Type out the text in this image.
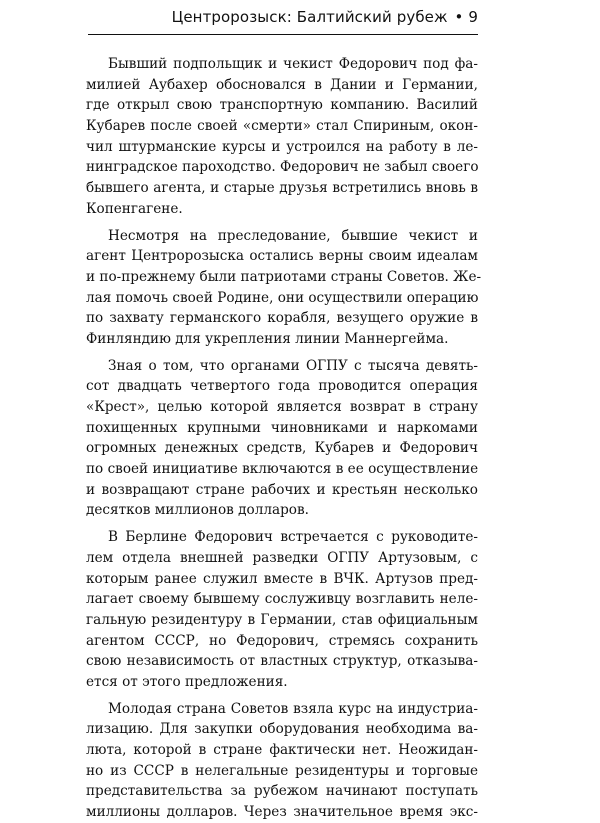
Центророзыск: Балтийский рубеж • 9
Бывший подпольщик и чекист Федорович под фа-
милией Аубахер обосновался в Дании и Германии,
где открыл свою транспортную компанию. Василий
Кубарев после своей «смерти» стал Спириным, окон-
чил штурманские курсы и устроился на работу в ле-
нинградское пароходство. Федорович не забыл своего
бывшего агента, и старые друзья встретились вновь в
Копенгагене.
Несмотря на преследование, бывшие чекист и
агент Центророзыска остались верны своим идеалам
и по-прежнему были патриотами страны Советов. Же-
лая помочь своей Родине, они осуществили операцию
по захвату германского корабля, везущего оружие в
Финляндию для укрепления линии Маннергейма.
Зная о том, что органами ОГПУ с тысяча девять-
сот двадцать четвертого года проводится операция
«Крест», целью которой является возврат в страну
похищенных крупными чиновниками и наркомами
огромных денежных средств, Кубарев и Федорович
по своей инициативе включаются в ее осуществление
и возвращают стране рабочих и крестьян несколько
десятков миллионов долларов.
В Берлине Федорович встречается с руководите-
лем отдела внешней разведки ОГПУ Артузовым, с
которым ранее служил вместе в ВЧК. Артузов пред-
лагает своему бывшему сослуживцу возглавить неле-
гальную резидентуру в Германии, став официальным
агентом СССР, но Федорович, стремясь сохранить
свою независимость от властных структур, отказыва-
ется от этого предложения.
Молодая страна Советов взяла курс на индустриа-
лизацию. Для закупки оборудования необходима ва-
люта, которой в стране фактически нет. Неожидан-
но из СССР в нелегальные резидентуры и торговые
представительства за рубежом начинают поступать
миллионы долларов. Через значительное время экс-
